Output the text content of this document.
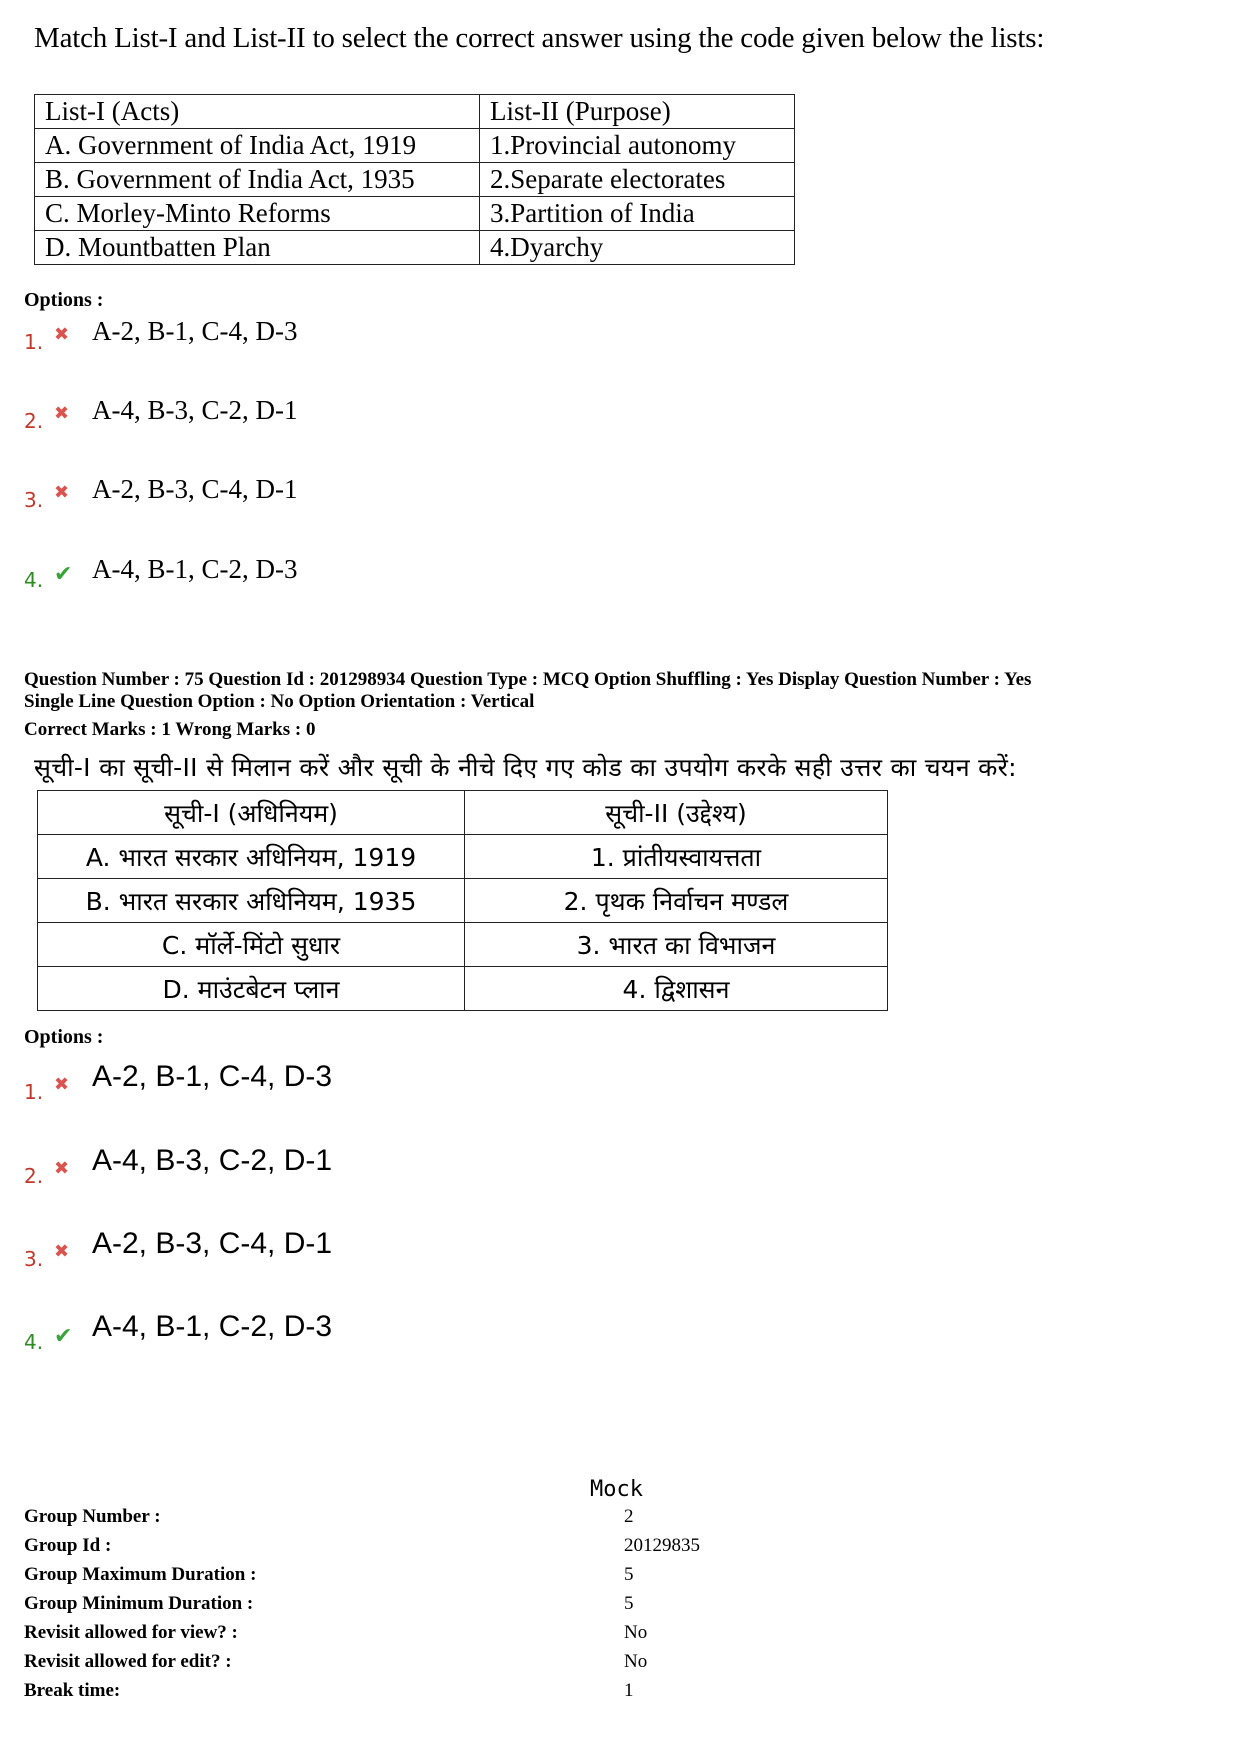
Match List-I and List-II to select the correct answer using the code given below the lists:
List-I (Acts)	List-II (Purpose)
A. Government of India Act, 1919	1.Provincial autonomy
B. Government of India Act, 1935	2.Separate electorates
C. Morley-Minto Reforms	3.Partition of India
D. Mountbatten Plan	4.Dyarchy
Options :
1. ✖ A-2, B-1, C-4, D-3
2. ✖ A-4, B-3, C-2, D-1
3. ✖ A-2, B-3, C-4, D-1
4. ✔ A-4, B-1, C-2, D-3
Question Number : 75 Question Id : 201298934 Question Type : MCQ Option Shuffling : Yes Display Question Number : Yes
Single Line Question Option : No Option Orientation : Vertical
Correct Marks : 1 Wrong Marks : 0
सूची-I का सूची-II से मिलान करें और सूची के नीचे दिए गए कोड का उपयोग करके सही उत्तर का चयन करें:
सूची-I (अधिनियम)	सूची-II (उद्देश्य)
A. भारत सरकार अधिनियम, 1919	1. प्रांतीयस्वायत्तता
B. भारत सरकार अधिनियम, 1935	2. पृथक निर्वाचन मण्डल
C. मॉर्ले-मिंटो सुधार	3. भारत का विभाजन
D. माउंटबेटन प्लान	4. द्विशासन
Options :
1. ✖ A-2, B-1, C-4, D-3
2. ✖ A-4, B-3, C-2, D-1
3. ✖ A-2, B-3, C-4, D-1
4. ✔ A-4, B-1, C-2, D-3
Mock
Group Number :	2
Group Id :	20129835
Group Maximum Duration :	5
Group Minimum Duration :	5
Revisit allowed for view? :	No
Revisit allowed for edit? :	No
Break time:	1
